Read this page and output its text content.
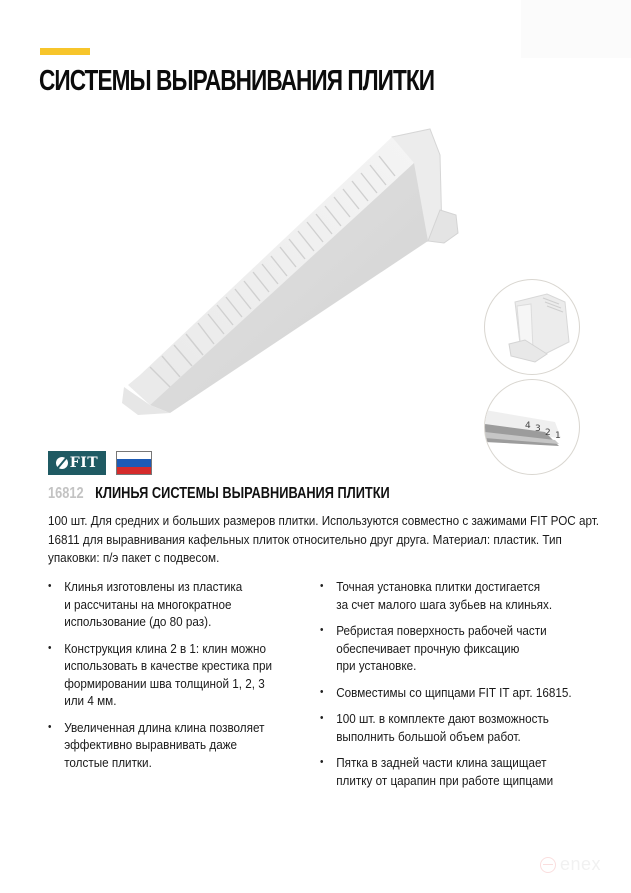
СИСТЕМЫ ВЫРАВНИВАНИЯ ПЛИТКИ
4 3 2 1
FIT
16812 КЛИНЬЯ СИСТЕМЫ ВЫРАВНИВАНИЯ ПЛИТКИ

100 шт. Для средних и больших размеров плитки. Используются совместно с зажимами FIT РОС арт. 16811 для выравнивания кафельных плиток относительно друг друга. Материал: пластик. Тип упаковки: п/э пакет с подвесом.

• Клинья изготовлены из пластика
и рассчитаны на многократное
использование (до 80 раз).
• Конструкция клина 2 в 1: клин можно
использовать в качестве крестика при
формировании шва толщиной 1, 2, 3
или 4 мм.
• Увеличенная длина клина позволяет
эффективно выравнивать даже
толстые плитки.
• Точная установка плитки достигается
за счет малого шага зубьев на клиньях.
• Ребристая поверхность рабочей части
обеспечивает прочную фиксацию
при установке.
• Совместимы со щипцами FIT IT арт. 16815.
• 100 шт. в комплекте дают возможность
выполнить большой объем работ.
• Пятка в задней части клина защищает
плитку от царапин при работе щипцами
enex
